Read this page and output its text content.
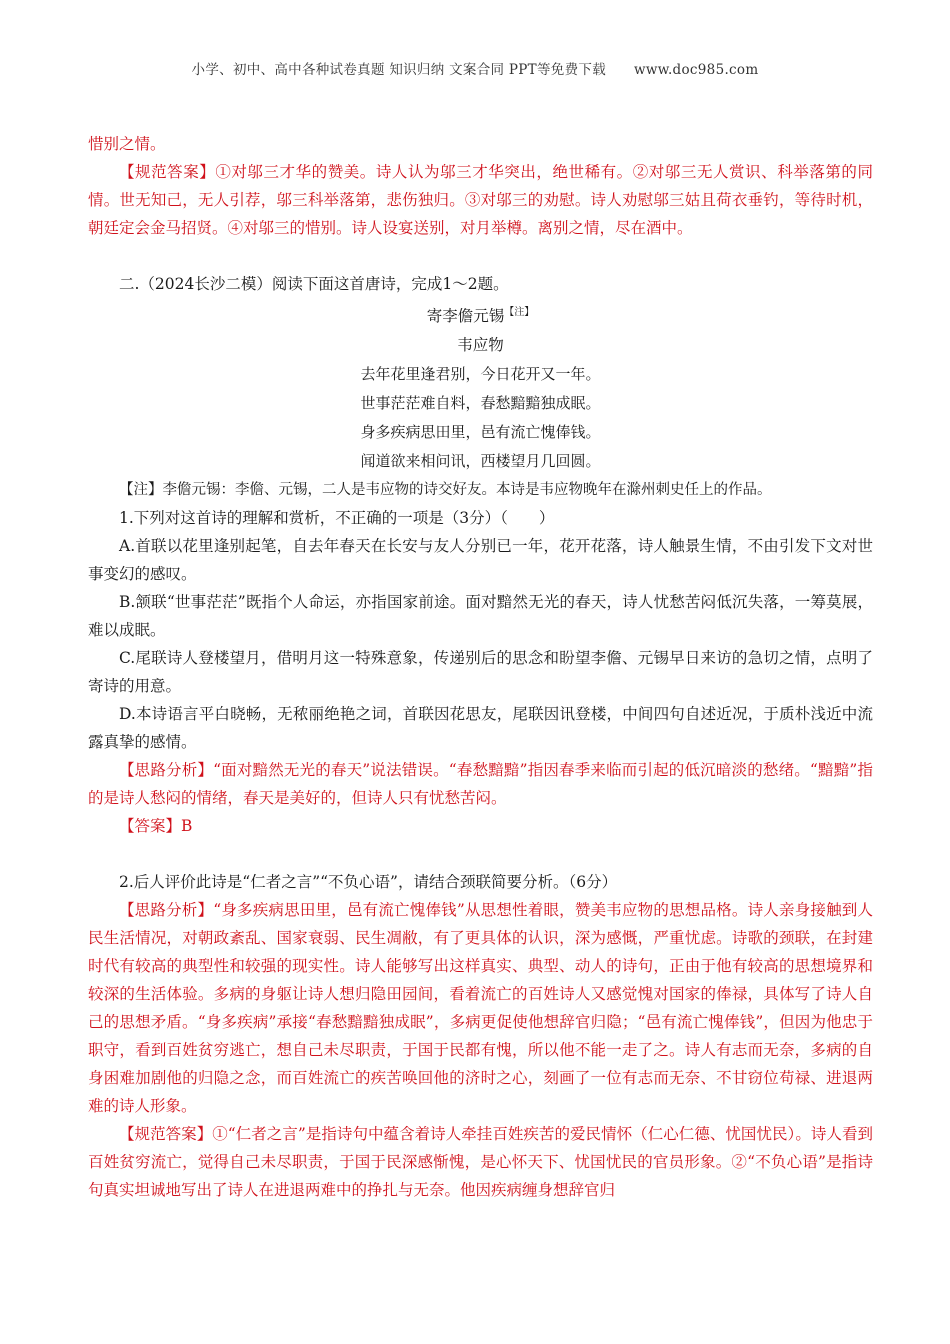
小学、初中、高中各种试卷真题 知识归纳 文案合同 PPT等免费下载 www.doc985.com

惜别之情。

【规范答案】①对邬三才华的赞美。诗人认为邬三才华突出，绝世稀有。②对邬三无人赏识、科举落第的同情。世无知己，无人引荐，邬三科举落第，悲伤独归。③对邬三的劝慰。诗人劝慰邬三姑且荷衣垂钓，等待时机，朝廷定会金马招贤。④对邬三的惜别。诗人设宴送别，对月举樽。离别之情，尽在酒中。

二.（2024长沙二模）阅读下面这首唐诗，完成1～2题。

寄李儋元锡$^{【注】}$
韦应物
去年花里逢君别，今日花开又一年。
世事茫茫难自料，春愁黯黯独成眠。
身多疾病思田里，邑有流亡愧俸钱。
闻道欲来相问讯，西楼望月几回圆。

【注】李儋元锡：李儋、元锡，二人是韦应物的诗交好友。本诗是韦应物晚年在滁州刺史任上的作品。

1.下列对这首诗的理解和赏析，不正确的一项是（3分）（　　）

A.首联以花里逢别起笔，自去年春天在长安与友人分别已一年，花开花落，诗人触景生情，不由引发下文对世事变幻的感叹。

B.颔联“世事茫茫”既指个人命运，亦指国家前途。面对黯然无光的春天，诗人忧愁苦闷低沉失落，一筹莫展，难以成眠。

C.尾联诗人登楼望月，借明月这一特殊意象，传递别后的思念和盼望李儋、元锡早日来访的急切之情，点明了寄诗的用意。

D.本诗语言平白晓畅，无秾丽绝艳之词，首联因花思友，尾联因讯登楼，中间四句自述近况，于质朴浅近中流露真挚的感情。

【思路分析】“面对黯然无光的春天”说法错误。“春愁黯黯”指因春季来临而引起的低沉暗淡的愁绪。“黯黯”指的是诗人愁闷的情绪，春天是美好的，但诗人只有忧愁苦闷。

【答案】B

2.后人评价此诗是“仁者之言”“不负心语”，请结合颈联简要分析。（6分）

【思路分析】“身多疾病思田里，邑有流亡愧俸钱”从思想性着眼，赞美韦应物的思想品格。诗人亲身接触到人民生活情况，对朝政紊乱、国家衰弱、民生凋敝，有了更具体的认识，深为感慨，严重忧虑。诗歌的颈联，在封建时代有较高的典型性和较强的现实性。诗人能够写出这样真实、典型、动人的诗句，正由于他有较高的思想境界和较深的生活体验。多病的身躯让诗人想归隐田园间，看着流亡的百姓诗人又感觉愧对国家的俸禄，具体写了诗人自己的思想矛盾。“身多疾病”承接“春愁黯黯独成眠”，多病更促使他想辞官归隐；“邑有流亡愧俸钱”，但因为他忠于职守，看到百姓贫穷逃亡，想自己未尽职责，于国于民都有愧，所以他不能一走了之。诗人有志而无奈，多病的自身困难加剧他的归隐之念，而百姓流亡的疾苦唤回他的济时之心，刻画了一位有志而无奈、不甘窃位苟禄、进退两难的诗人形象。

【规范答案】①“仁者之言”是指诗句中蕴含着诗人牵挂百姓疾苦的爱民情怀（仁心仁德、忧国忧民）。诗人看到百姓贫穷流亡，觉得自己未尽职责，于国于民深感惭愧，是心怀天下、忧国忧民的官员形象。②“不负心语”是指诗句真实坦诚地写出了诗人在进退两难中的挣扎与无奈。他因疾病缠身想辞官归
